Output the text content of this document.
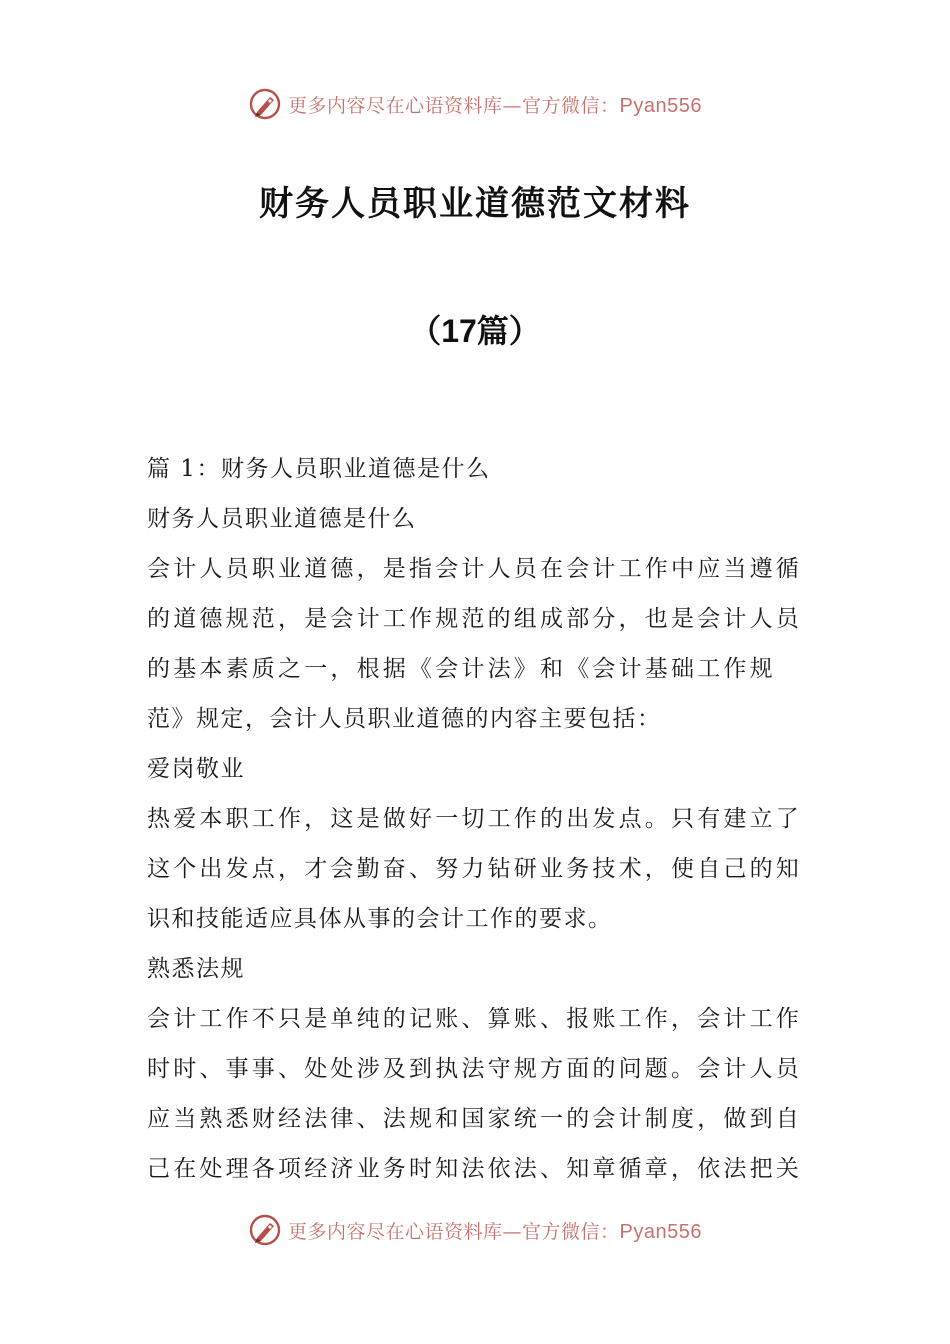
更多内容尽在心语资料库—官方微信：Pyan556
财务人员职业道德范文材料
（17篇）
篇 1：财务人员职业道德是什么
财务人员职业道德是什么
会计人员职业道德，是指会计人员在会计工作中应当遵循
的道德规范，是会计工作规范的组成部分，也是会计人员
的基本素质之一，根据《会计法》和《会计基础工作规
范》规定，会计人员职业道德的内容主要包括：
爱岗敬业
热爱本职工作，这是做好一切工作的出发点。只有建立了
这个出发点，才会勤奋、努力钻研业务技术，使自己的知
识和技能适应具体从事的会计工作的要求。
熟悉法规
会计工作不只是单纯的记账、算账、报账工作，会计工作
时时、事事、处处涉及到执法守规方面的问题。会计人员
应当熟悉财经法律、法规和国家统一的会计制度，做到自
己在处理各项经济业务时知法依法、知章循章，依法把关
更多内容尽在心语资料库—官方微信：Pyan556
